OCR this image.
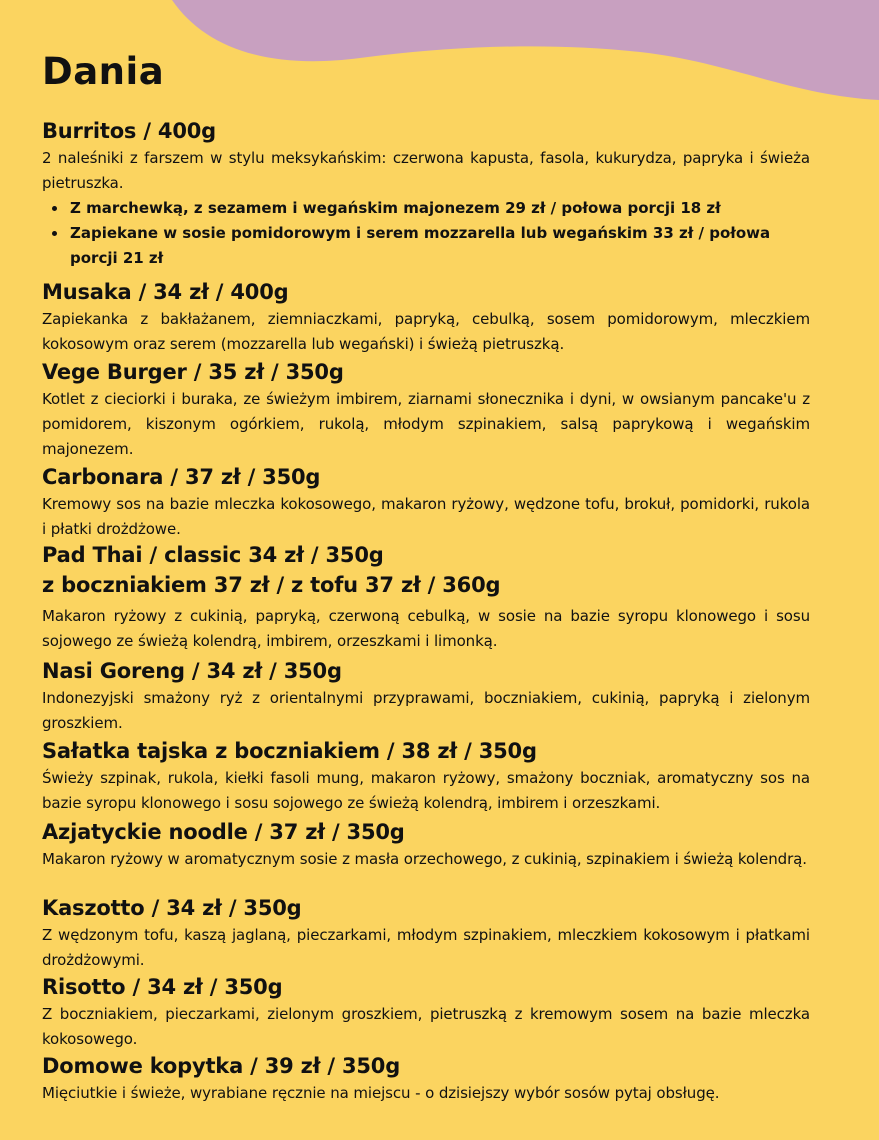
Dania
Burritos / 400g

2 naleśniki z farszem w stylu meksykańskim: czerwona kapusta, fasola, kukurydza, papryka i świeża pietruszka.

• Z marchewką, z sezamem i wegańskim majonezem 29 zł / połowa porcji 18 zł
• Zapiekane w sosie pomidorowym i serem mozzarella lub wegańskim 33 zł / połowa porcji 21 zł
Musaka / 34 zł / 400g

Zapiekanka z bakłażanem, ziemniaczkami, papryką, cebulką, sosem pomidorowym, mleczkiem kokosowym oraz serem (mozzarella lub wegański) i świeżą pietruszką.

Vege Burger / 35 zł / 350g

Kotlet z cieciorki i buraka, ze świeżym imbirem, ziarnami słonecznika i dyni, w owsianym pancake'u z pomidorem, kiszonym ogórkiem, rukolą, młodym szpinakiem, salsą paprykową i wegańskim majonezem.

Carbonara / 37 zł / 350g

Kremowy sos na bazie mleczka kokosowego, makaron ryżowy, wędzone tofu, brokuł, pomidorki, rukola i płatki drożdżowe.

Pad Thai / classic 34 zł / 350g
z boczniakiem 37 zł / z tofu 37 zł / 360g

Makaron ryżowy z cukinią, papryką, czerwoną cebulką, w sosie na bazie syropu klonowego i sosu sojowego ze świeżą kolendrą, imbirem, orzeszkami i limonką.

Nasi Goreng / 34 zł / 350g

Indonezyjski smażony ryż z orientalnymi przyprawami, boczniakiem, cukinią, papryką i zielonym groszkiem.

Sałatka tajska z boczniakiem / 38 zł / 350g

Świeży szpinak, rukola, kiełki fasoli mung, makaron ryżowy, smażony boczniak, aromatyczny sos na bazie syropu klonowego i sosu sojowego ze świeżą kolendrą, imbirem i orzeszkami.

Azjatyckie noodle / 37 zł / 350g

Makaron ryżowy w aromatycznym sosie z masła orzechowego, z cukinią, szpinakiem i świeżą kolendrą.

Kaszotto / 34 zł / 350g

Z wędzonym tofu, kaszą jaglaną, pieczarkami, młodym szpinakiem, mleczkiem kokosowym i płatkami drożdżowymi.

Risotto / 34 zł / 350g

Z boczniakiem, pieczarkami, zielonym groszkiem, pietruszką z kremowym sosem na bazie mleczka kokosowego.

Domowe kopytka / 39 zł / 350g

Mięciutkie i świeże, wyrabiane ręcznie na miejscu - o dzisiejszy wybór sosów pytaj obsługę.
